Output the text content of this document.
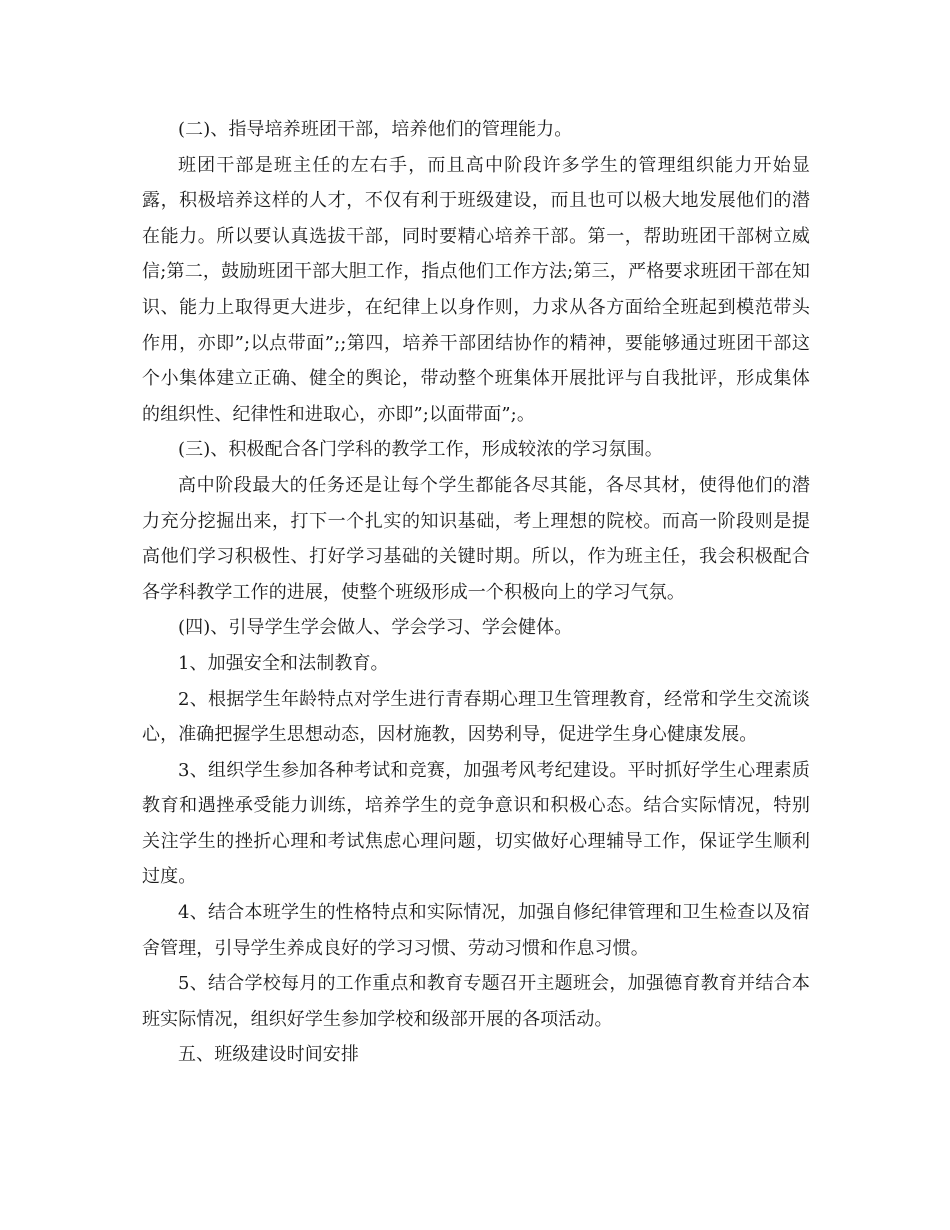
(二)、指导培养班团干部，培养他们的管理能力。

班团干部是班主任的左右手，而且高中阶段许多学生的管理组织能力开始显露，积极培养这样的人才，不仅有利于班级建设，而且也可以极大地发展他们的潜在能力。所以要认真选拔干部，同时要精心培养干部。第一，帮助班团干部树立威信;第二，鼓励班团干部大胆工作，指点他们工作方法;第三，严格要求班团干部在知识、能力上取得更大进步，在纪律上以身作则，力求从各方面给全班起到模范带头作用，亦即”;以点带面”;;第四，培养干部团结协作的精神，要能够通过班团干部这个小集体建立正确、健全的舆论，带动整个班集体开展批评与自我批评，形成集体的组织性、纪律性和进取心，亦即”;以面带面”;。

(三)、积极配合各门学科的教学工作，形成较浓的学习氛围。

高中阶段最大的任务还是让每个学生都能各尽其能，各尽其材，使得他们的潜力充分挖掘出来，打下一个扎实的知识基础，考上理想的院校。而高一阶段则是提高他们学习积极性、打好学习基础的关键时期。所以，作为班主任，我会积极配合各学科教学工作的进展，使整个班级形成一个积极向上的学习气氛。

(四)、引导学生学会做人、学会学习、学会健体。

1、加强安全和法制教育。

2、根据学生年龄特点对学生进行青春期心理卫生管理教育，经常和学生交流谈心，准确把握学生思想动态，因材施教，因势利导，促进学生身心健康发展。

3、组织学生参加各种考试和竞赛，加强考风考纪建设。平时抓好学生心理素质教育和遇挫承受能力训练，培养学生的竞争意识和积极心态。结合实际情况，特别关注学生的挫折心理和考试焦虑心理问题，切实做好心理辅导工作，保证学生顺利过度。

4、结合本班学生的性格特点和实际情况，加强自修纪律管理和卫生检查以及宿舍管理，引导学生养成良好的学习习惯、劳动习惯和作息习惯。

5、结合学校每月的工作重点和教育专题召开主题班会，加强德育教育并结合本班实际情况，组织好学生参加学校和级部开展的各项活动。

五、班级建设时间安排
